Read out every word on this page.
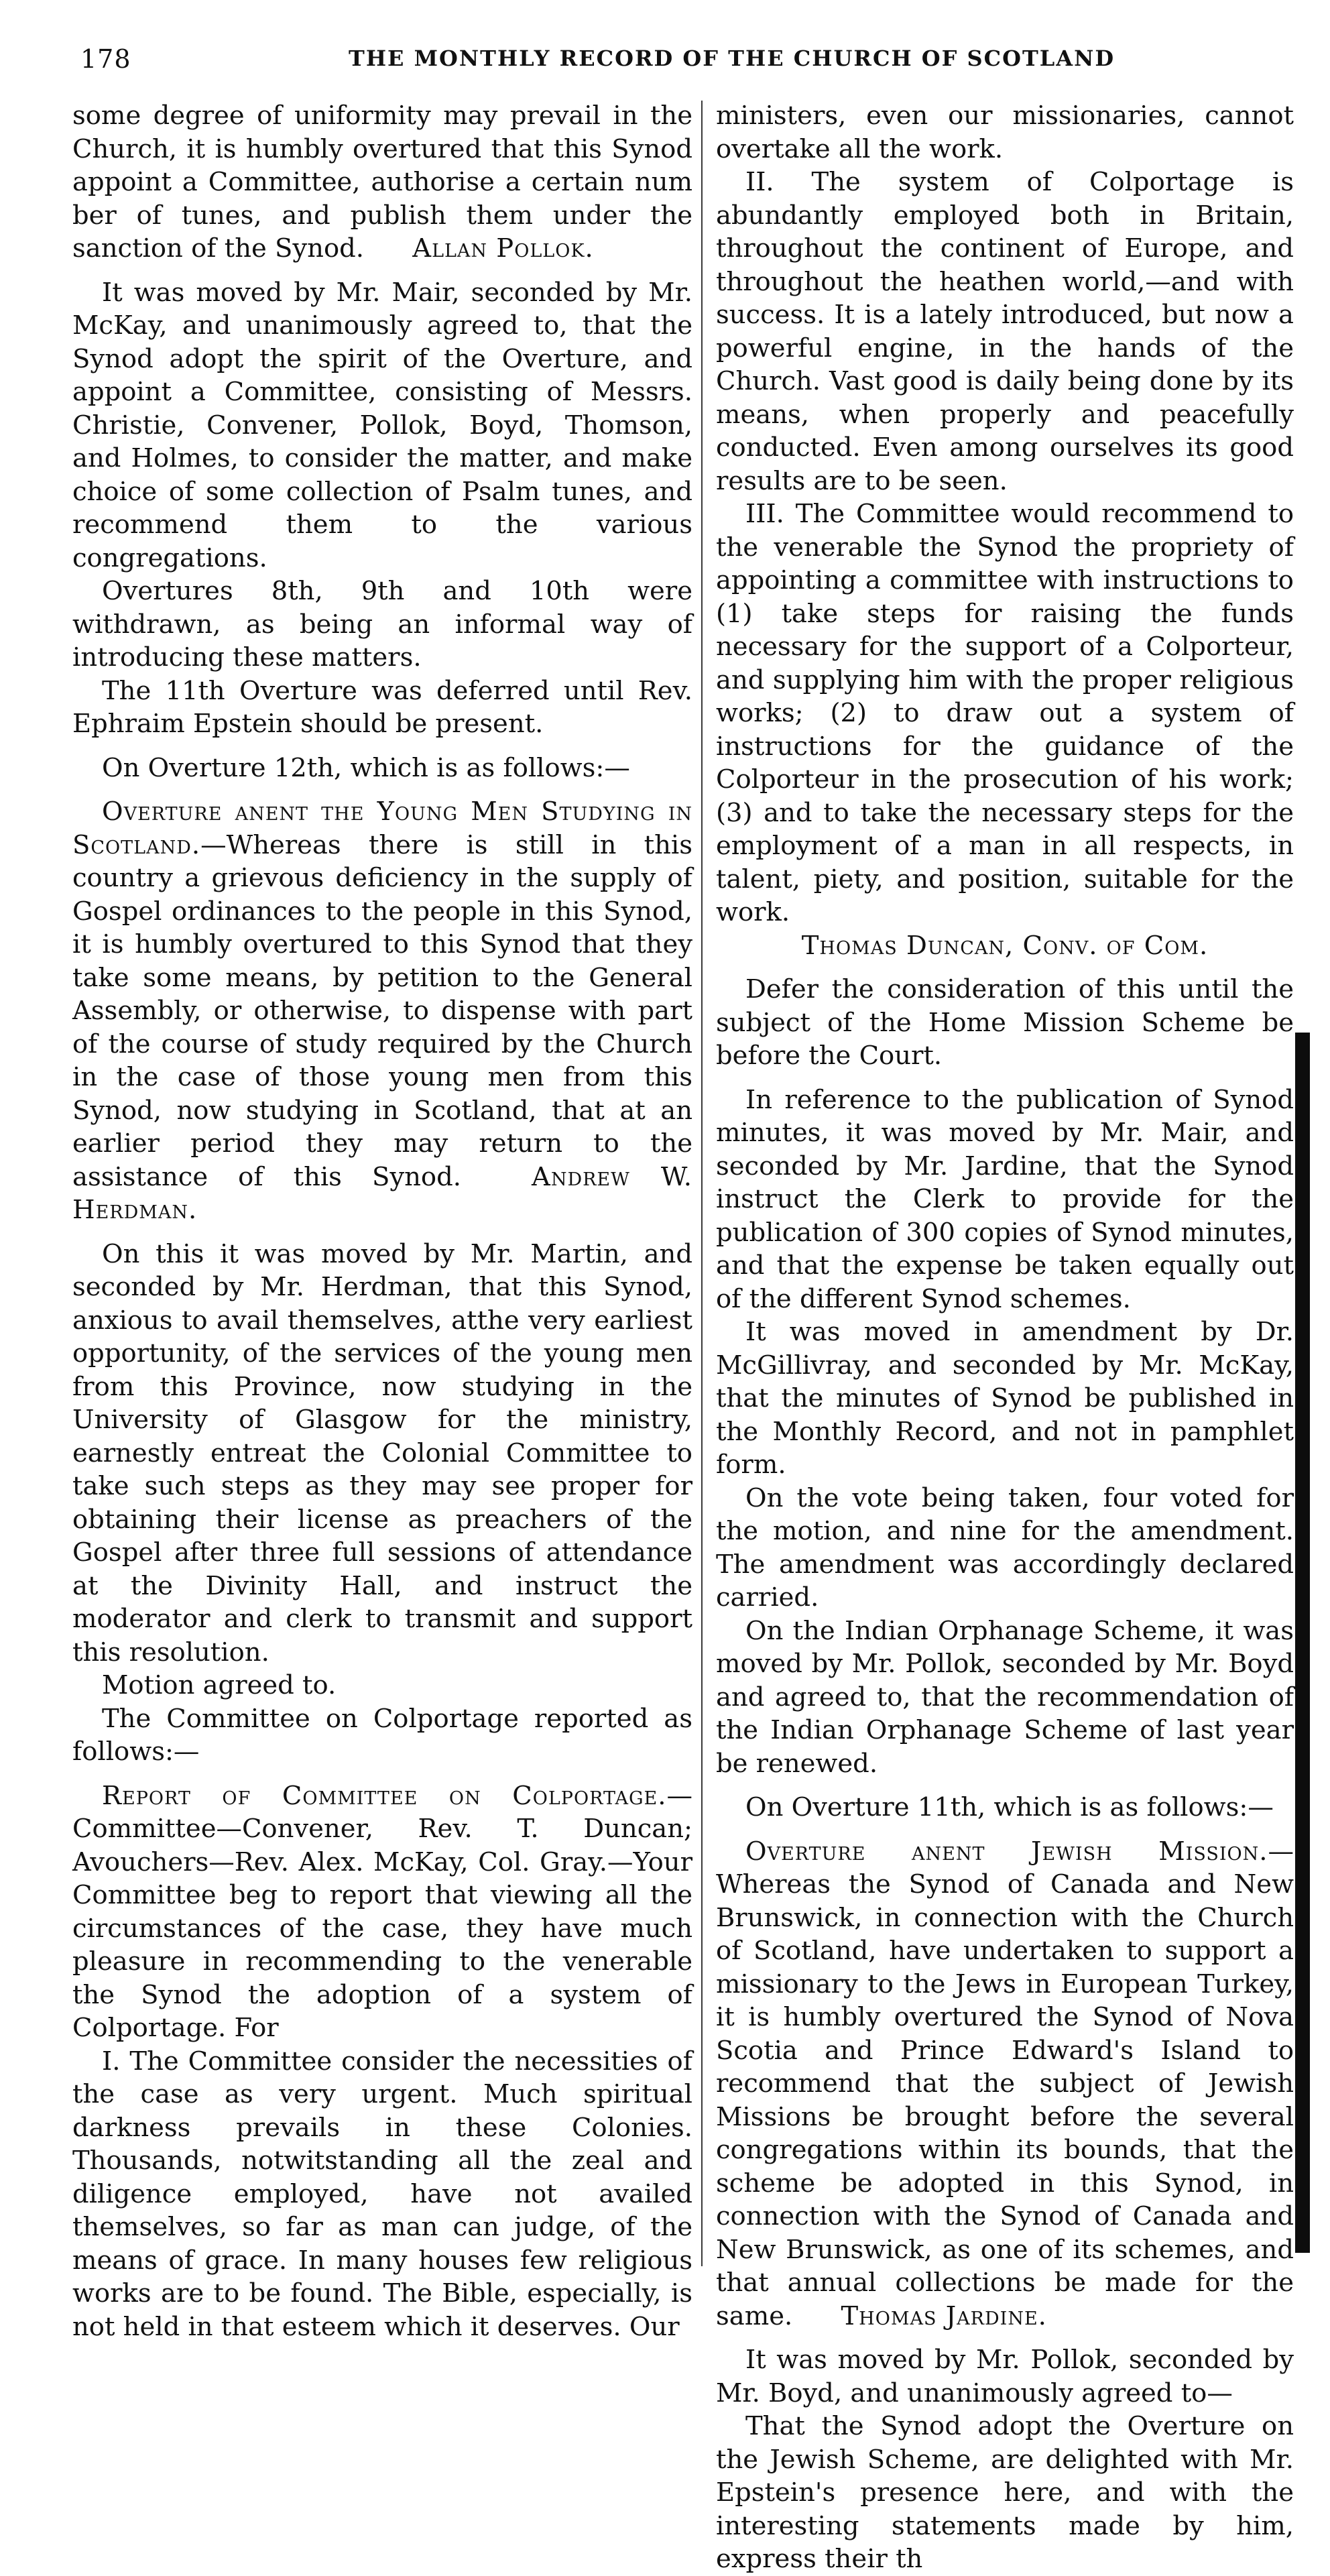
178	THE MONTHLY RECORD OF THE CHURCH OF SCOTLAND

some degree of uniformity may prevail in the Church, it is humbly overtured that this Synod appoint a Committee, authorise a certain num ber of tunes, and publish them under the sanction of the Synod. Allan Pollok.

It was moved by Mr. Mair, seconded by Mr. McKay, and unanimously agreed to, that the Synod adopt the spirit of the Overture, and appoint a Committee, consisting of Messrs. Christie, Convener, Pollok, Boyd, Thomson, and Holmes, to consider the matter, and make choice of some collection of Psalm tunes, and recommend them to the various congregations.

Overtures 8th, 9th and 10th were withdrawn, as being an informal way of introducing these matters.

The 11th Overture was deferred until Rev. Ephraim Epstein should be present.

On Overture 12th, which is as follows:—

Overture anent the Young Men Studying in Scotland.—Whereas there is still in this country a grievous deficiency in the supply of Gospel ordinances to the people in this Synod, it is humbly overtured to this Synod that they take some means, by petition to the General Assembly, or otherwise, to dispense with part of the course of study required by the Church in the case of those young men from this Synod, now studying in Scotland, that at an earlier period they may return to the assistance of this Synod.	Andrew W. Herdman.

On this it was moved by Mr. Martin, and seconded by Mr. Herdman, that this Synod, anxious to avail themselves, atthe very earliest opportunity, of the services of the young men from this Province, now studying in the University of Glasgow for the ministry, earnestly entreat the Colonial Committee to take such steps as they may see proper for obtaining their license as preachers of the Gospel after three full sessions of attendance at the Divinity Hall, and instruct the moderator and clerk to transmit and support this resolution.

Motion agreed to.

The Committee on Colportage reported as follows:—

Report of Committee on Colportage.—Committee—Convener, Rev. T. Duncan; Avouchers—Rev. Alex. McKay, Col. Gray.—Your Committee beg to report that viewing all the circumstances of the case, they have much pleasure in recommending to the venerable the Synod the adoption of a system of Colportage. For

I. The Committee consider the necessities of the case as very urgent. Much spiritual darkness prevails in these Colonies. Thousands, notwitstanding all the zeal and diligence employed, have not availed themselves, so far as man can judge, of the means of grace. In many houses few religious works are to be found. The Bible, especially, is not held in that esteem which it deserves. Our

ministers, even our missionaries, cannot overtake all the work.

II. The system of Colportage is abundantly employed both in Britain, throughout the continent of Europe, and throughout the heathen world,—and with success. It is a lately introduced, but now a powerful engine, in the hands of the Church. Vast good is daily being done by its means, when properly and peacefully conducted. Even among ourselves its good results are to be seen.

III. The Committee would recommend to the venerable the Synod the propriety of appointing a committee with instructions to (1) take steps for raising the funds necessary for the support of a Colporteur, and supplying him with the proper religious works; (2) to draw out a system of instructions for the guidance of the Colporteur in the prosecution of his work; (3) and to take the necessary steps for the employment of a man in all respects, in talent, piety, and position, suitable for the work.

Thomas Duncan, Conv. of Com.

Defer the consideration of this until the subject of the Home Mission Scheme be before the Court.

In reference to the publication of Synod minutes, it was moved by Mr. Mair, and seconded by Mr. Jardine, that the Synod instruct the Clerk to provide for the publication of 300 copies of Synod minutes, and that the expense be taken equally out of the different Synod schemes.

It was moved in amendment by Dr. McGillivray, and seconded by Mr. McKay, that the minutes of Synod be published in the Monthly Record, and not in pamphlet form.

On the vote being taken, four voted for the motion, and nine for the amendment. The amendment was accordingly declared carried.

On the Indian Orphanage Scheme, it was moved by Mr. Pollok, seconded by Mr. Boyd and agreed to, that the recommendation of the Indian Orphanage Scheme of last year be renewed.

On Overture 11th, which is as follows:—

Overture anent Jewish Mission.—Whereas the Synod of Canada and New Brunswick, in connection with the Church of Scotland, have undertaken to support a missionary to the Jews in European Turkey, it is humbly overtured the Synod of Nova Scotia and Prince Edward's Island to recommend that the subject of Jewish Missions be brought before the several congregations within its bounds, that the scheme be adopted in this Synod, in connection with the Synod of Canada and New Brunswick, as one of its schemes, and that annual collections be made for the same. Thomas Jardine.

It was moved by Mr. Pollok, seconded by Mr. Boyd, and unanimously agreed to—

That the Synod adopt the Overture on the Jewish Scheme, are delighted with Mr. Epstein's presence here, and with the interesting statements made by him, express their th
